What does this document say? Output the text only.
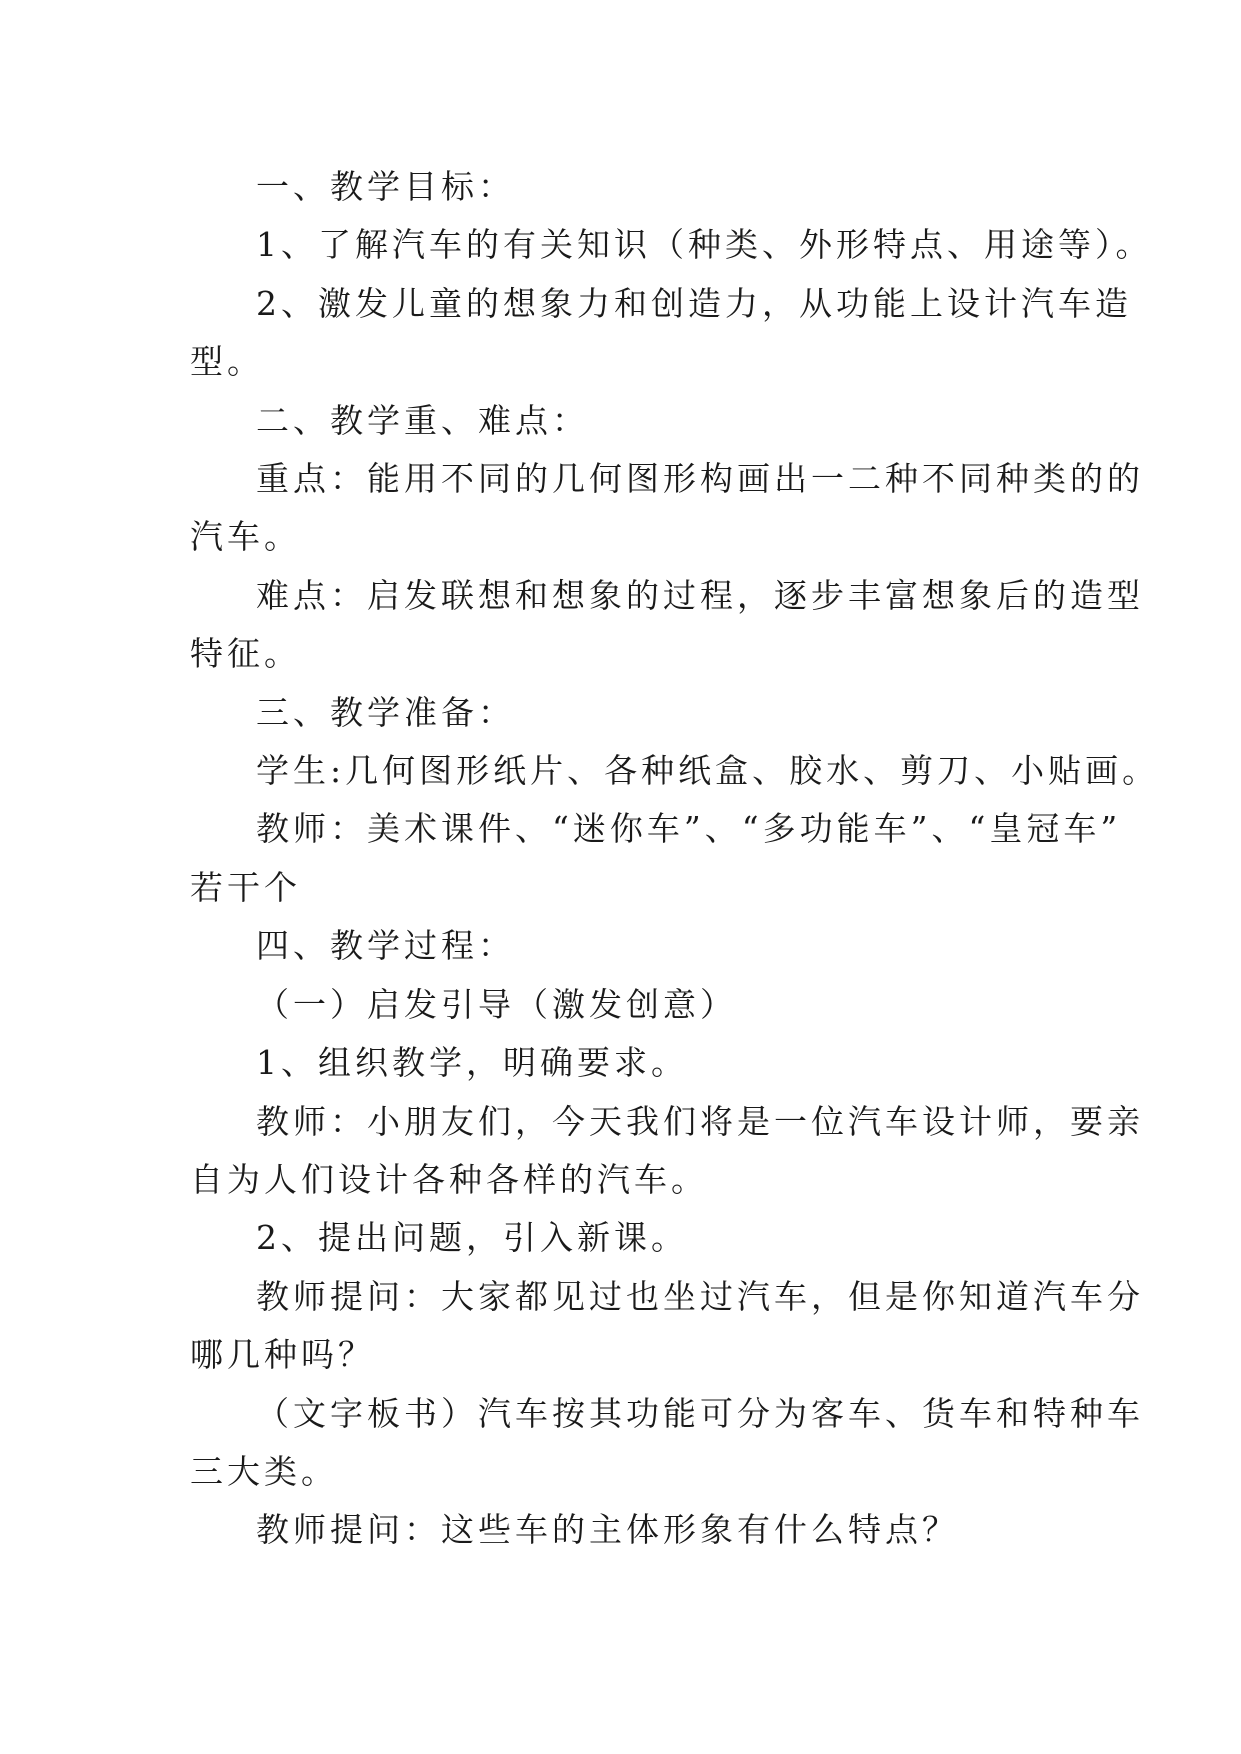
一、教学目标：

1、了解汽车的有关知识（种类、外形特点、用途等）。

2、激发儿童的想象力和创造力，从功能上设计汽车造

型。

二、教学重、难点：

重点：能用不同的几何图形构画出一二种不同种类的的

汽车。

难点：启发联想和想象的过程，逐步丰富想象后的造型

特征。

三、教学准备：

学生:几何图形纸片、各种纸盒、胶水、剪刀、小贴画。

教师：美术课件、“迷你车”、“多功能车”、“皇冠车”

若干个

四、教学过程：

（一）启发引导（激发创意）

1、组织教学，明确要求。

教师：小朋友们，今天我们将是一位汽车设计师，要亲

自为人们设计各种各样的汽车。

2、提出问题，引入新课。

教师提问：大家都见过也坐过汽车，但是你知道汽车分

哪几种吗？

（文字板书）汽车按其功能可分为客车、货车和特种车

三大类。

教师提问：这些车的主体形象有什么特点？
